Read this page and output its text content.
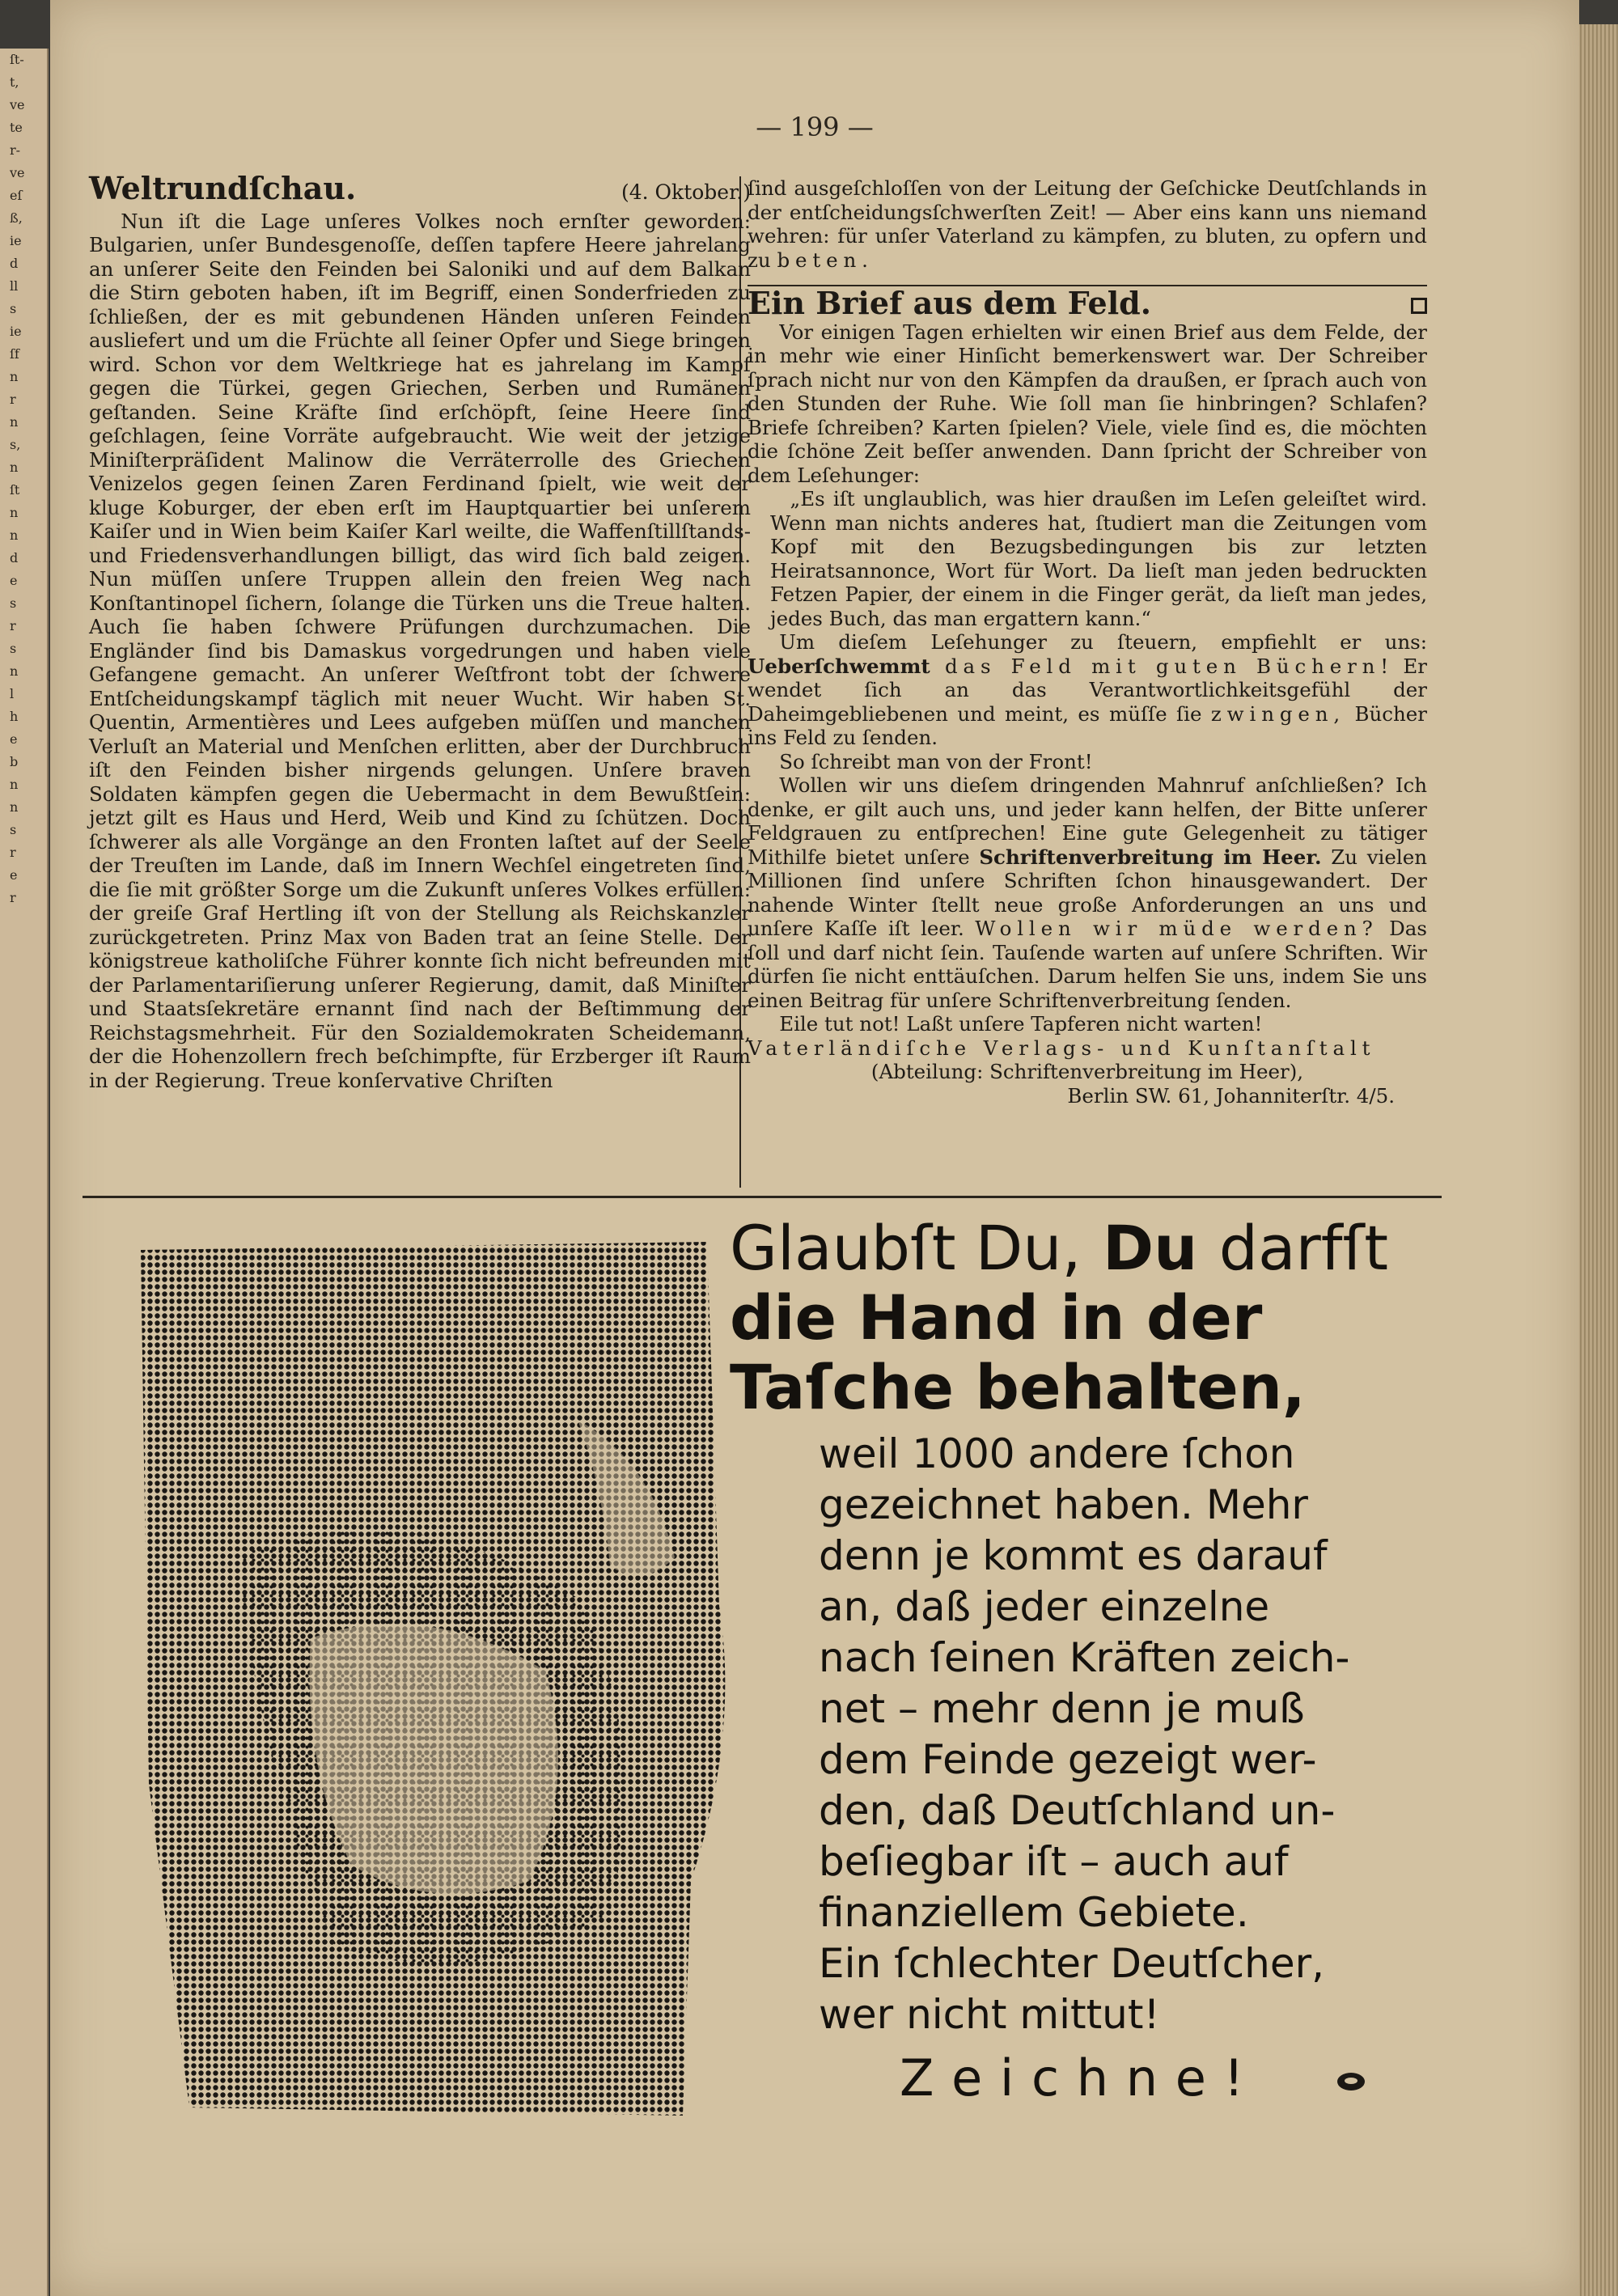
ſt-
t,
ve
te
r-
ve
eſ
ß,
ie
d
ll
s
ie
ſf
n
r
n
s,
n
ſt
n
n
d
e
s
r
s
n
l
h
e
b
n
n
s
r
e
r
— 199 —
Weltrundſchau.	(4. Oktober.)

Nun iſt die Lage unſeres Volkes noch ernſter geworden: Bulgarien, unſer Bundesgenoſſe, deſſen tapfere Heere jahrelang an unſerer Seite den Feinden bei Saloniki und auf dem Balkan die Stirn geboten haben, iſt im Begriff, einen Sonderfrieden zu ſchließen, der es mit gebundenen Händen unſeren Feinden ausliefert und um die Früchte all ſeiner Opfer und Siege bringen wird. Schon vor dem Weltkriege hat es jahrelang im Kampf gegen die Türkei, gegen Griechen, Serben und Rumänen geſtanden. Seine Kräfte ſind erſchöpft, ſeine Heere ſind geſchlagen, ſeine Vorräte aufgebraucht. Wie weit der jetzige Miniſterpräſident Malinow die Verräterrolle des Griechen Venizelos gegen ſeinen Zaren Ferdinand ſpielt, wie weit der kluge Koburger, der eben erſt im Hauptquartier bei unſerem Kaiſer und in Wien beim Kaiſer Karl weilte, die Waffenſtillſtands- und Friedensverhandlungen billigt, das wird ſich bald zeigen. Nun müſſen unſere Truppen allein den freien Weg nach Konſtantinopel ſichern, ſolange die Türken uns die Treue halten. Auch ſie haben ſchwere Prüfungen durchzumachen. Die Engländer ſind bis Damaskus vorgedrungen und haben viele Gefangene gemacht. An unſerer Weſtfront tobt der ſchwere Entſcheidungskampf täglich mit neuer Wucht. Wir haben St. Quentin, Armentières und Lees aufgeben müſſen und manchen Verluſt an Material und Menſchen erlitten, aber der Durchbruch iſt den Feinden bisher nirgends gelungen. Unſere braven Soldaten kämpfen gegen die Uebermacht in dem Bewußtſein: jetzt gilt es Haus und Herd, Weib und Kind zu ſchützen. Doch ſchwerer als alle Vorgänge an den Fronten laſtet auf der Seele der Treuſten im Lande, daß im Innern Wechſel eingetreten ſind, die ſie mit größter Sorge um die Zukunft unſeres Volkes erfüllen: der greiſe Graf Hertling iſt von der Stellung als Reichskanzler zurückgetreten. Prinz Max von Baden trat an ſeine Stelle. Der königstreue katholiſche Führer konnte ſich nicht befreunden mit der Parlamentariſierung unſerer Regierung, damit, daß Miniſter und Staatsſekretäre ernannt ſind nach der Beſtimmung der Reichstagsmehrheit. Für den Sozialdemokraten Scheidemann, der die Hohenzollern frech beſchimpfte, für Erzberger iſt Raum in der Regierung. Treue konſervative Chriſten

ſind ausgeſchloſſen von der Leitung der Geſchicke Deutſchlands in der entſcheidungsſchwerſten Zeit! — Aber eins kann uns niemand wehren: für unſer Vaterland zu kämpfen, zu bluten, zu opfern und zu beten.

Ein Brief aus dem Feld.

Vor einigen Tagen erhielten wir einen Brief aus dem Felde, der in mehr wie einer Hinſicht bemerkenswert war. Der Schreiber ſprach nicht nur von den Kämpfen da draußen, er ſprach auch von den Stunden der Ruhe. Wie ſoll man ſie hinbringen? Schlafen? Briefe ſchreiben? Karten ſpielen? Viele, viele ſind es, die möchten die ſchöne Zeit beſſer anwenden. Dann ſpricht der Schreiber von dem Leſehunger:

„Es iſt unglaublich, was hier draußen im Leſen geleiſtet wird. Wenn man nichts anderes hat, ſtudiert man die Zeitungen vom Kopf mit den Bezugsbedingungen bis zur letzten Heiratsannonce, Wort für Wort. Da lieſt man jeden bedruckten Fetzen Papier, der einem in die Finger gerät, da lieſt man jedes, jedes Buch, das man ergattern kann.“

Um dieſem Leſehunger zu ſteuern, empfiehlt er uns: Ueberſchwemmt das Feld mit guten Büchern! Er wendet ſich an das Verantwortlichkeitsgefühl der Daheimgebliebenen und meint, es müſſe ſie zwingen, Bücher ins Feld zu ſenden.

So ſchreibt man von der Front!

Wollen wir uns dieſem dringenden Mahnruf anſchließen? Ich denke, er gilt auch uns, und jeder kann helfen, der Bitte unſerer Feldgrauen zu entſprechen! Eine gute Gelegenheit zu tätiger Mithilfe bietet unſere Schriftenverbreitung im Heer. Zu vielen Millionen ſind unſere Schriften ſchon hinausgewandert. Der nahende Winter ſtellt neue große Anforderungen an uns und unſere Kaſſe iſt leer. Wollen wir müde werden? Das ſoll und darf nicht ſein. Tauſende warten auf unſere Schriften. Wir dürfen ſie nicht enttäuſchen. Darum helfen Sie uns, indem Sie uns einen Beitrag für unſere Schriftenverbreitung ſenden.

Eile tut not! Laßt unſere Tapferen nicht warten!

Vaterländiſche Verlags- und Kunſtanſtalt

(Abteilung: Schriftenverbreitung im Heer),

Berlin SW. 61, Johanniterſtr. 4/5.

Glaubſt Du, Du darfſt
die Hand in der
Taſche behalten,
weil 1000 andere ſchon
gezeichnet haben. Mehr
denn je kommt es darauf
an, daß jeder einzelne
nach ſeinen Kräften zeich-
net – mehr denn je muß
dem Feinde gezeigt wer-
den, daß Deutſchland un-
beſiegbar iſt – auch auf
finanziellem Gebiete.
Ein ſchlechter Deutſcher,
wer nicht mittut!
Zeichne!
